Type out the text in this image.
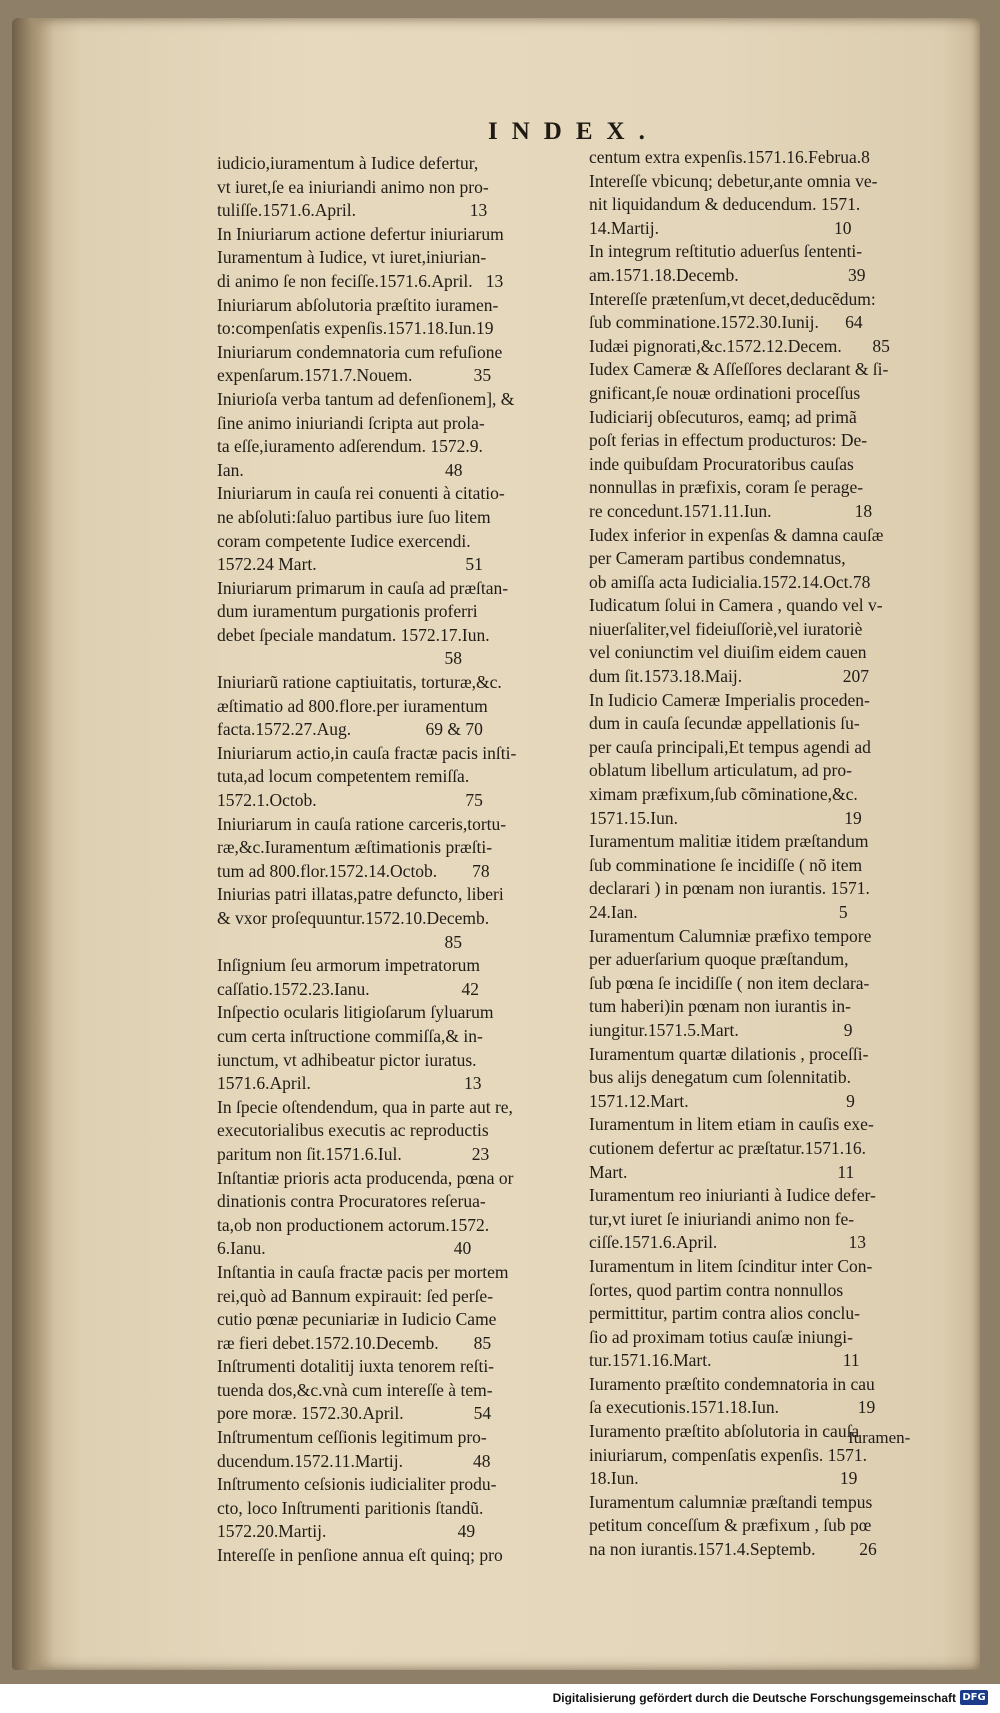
INDEX.
iudicio,iuramentum à Iudice defertur,
vt iuret,ſe ea iniuriandi animo non pro-
tuliſſe.1571.6.April.                          13
In Iniuriarum actione defertur iniuriarum
Iuramentum à Iudice, vt iuret,iniurian-
di animo ſe non feciſſe.1571.6.April.   13
Iniuriarum abſolutoria præſtito iuramen-
to:compenſatis expenſis.1571.18.Iun.19
Iniuriarum condemnatoria cum refuſione
expenſarum.1571.7.Nouem.              35
Iniurioſa verba tantum ad defenſionem], &
ſine animo iniuriandi ſcripta aut prola-
ta eſſe,iuramento adſerendum. 1572.9.
Ian.                                              48
Iniuriarum in cauſa rei conuenti à citatio-
ne abſoluti:ſaluo partibus iure ſuo litem
coram competente Iudice exercendi.
1572.24 Mart.                                  51
Iniuriarum primarum in cauſa ad præſtan-
dum iuramentum purgationis proferri
debet ſpeciale mandatum. 1572.17.Iun.
58
Iniuriarũ ratione captiuitatis, torturæ,&c.
æſtimatio ad 800.flore.per iuramentum
facta.1572.27.Aug.                 69 & 70
Iniuriarum actio,in cauſa fractæ pacis inſti-
tuta,ad locum competentem remiſſa.
1572.1.Octob.                                  75
Iniuriarum in cauſa ratione carceris,tortu-
ræ,&c.Iuramentum æſtimationis præſti-
tum ad 800.flor.1572.14.Octob.        78
Iniurias patri illatas,patre defuncto, liberi
& vxor proſequuntur.1572.10.Decemb.
85
Inſignium ſeu armorum impetratorum
caſſatio.1572.23.Ianu.                     42
Inſpectio ocularis litigioſarum ſyluarum
cum certa inſtructione commiſſa,& in-
iunctum, vt adhibeatur pictor iuratus.
1571.6.April.                                   13
In ſpecie oſtendendum, qua in parte aut re,
executorialibus executis ac reproductis
paritum non ſit.1571.6.Iul.                23
Inſtantiæ prioris acta producenda, pœna or
dinationis contra Procuratores reſerua-
ta,ob non productionem actorum.1572.
6.Ianu.                                           40
Inſtantia in cauſa fractæ pacis per mortem
rei,quò ad Bannum expirauit: ſed perſe-
cutio pœnæ pecuniariæ in Iudicio Came
ræ fieri debet.1572.10.Decemb.        85
Inſtrumenti dotalitij iuxta tenorem reſti-
tuenda dos,&c.vnà cum intereſſe à tem-
pore moræ. 1572.30.April.                54
Inſtrumentum ceſſionis legitimum pro-
ducendum.1572.11.Martij.                48
Inſtrumento ceſsionis iudicialiter produ-
cto, loco Inſtrumenti paritionis ſtandũ.
1572.20.Martij.                              49
Intereſſe in penſione annua eſt quinq; pro
centum extra expenſis.1571.16.Februa.8
Intereſſe vbicunq; debetur,ante omnia ve-
nit liquidandum & deducendum. 1571.
14.Martij.                                        10
In integrum reſtitutio aduerſus ſententi-
am.1571.18.Decemb.                         39
Intereſſe prætenſum,vt decet,deducẽdum:
ſub comminatione.1572.30.Iunij.      64
Iudæi pignorati,&c.1572.12.Decem.       85
Iudex Cameræ & Aſſeſſores declarant & ſi-
gnificant,ſe nouæ ordinationi proceſſus
Iudiciarij obſecuturos, eamq; ad primã
poſt ferias in effectum producturos: De-
inde quibuſdam Procuratoribus cauſas
nonnullas in præfixis, coram ſe perage-
re concedunt.1571.11.Iun.                   18
Iudex inferior in expenſas & damna cauſæ
per Cameram partibus condemnatus,
ob amiſſa acta Iudicialia.1572.14.Oct.78
Iudicatum ſolui in Camera , quando vel v-
niuerſaliter,vel fideiuſſoriè,vel iuratoriè
vel coniunctim vel diuiſim eidem cauen
dum ſit.1573.18.Maij.                       207
In Iudicio Cameræ Imperialis proceden-
dum in cauſa ſecundæ appellationis ſu-
per cauſa principali,Et tempus agendi ad
oblatum libellum articulatum, ad pro-
ximam præfixum,ſub cõminatione,&c.
1571.15.Iun.                                      19
Iuramentum malitiæ itidem præſtandum
ſub comminatione ſe incidiſſe ( nõ item
declarari ) in pœnam non iurantis. 1571.
24.Ian.                                              5
Iuramentum Calumniæ præfixo tempore
per aduerſarium quoque præſtandum,
ſub pœna ſe incidiſſe ( non item declara-
tum haberi)in pœnam non iurantis in-
iungitur.1571.5.Mart.                        9
Iuramentum quartæ dilationis , proceſſi-
bus alijs denegatum cum ſolennitatib.
1571.12.Mart.                                    9
Iuramentum in litem etiam in cauſis exe-
cutionem defertur ac præſtatur.1571.16.
Mart.                                                11
Iuramentum reo iniurianti à Iudice defer-
tur,vt iuret ſe iniuriandi animo non fe-
ciſſe.1571.6.April.                              13
Iuramentum in litem ſcinditur inter Con-
ſortes, quod partim contra nonnullos
permittitur, partim contra alios conclu-
ſio ad proximam totius cauſæ iniungi-
tur.1571.16.Mart.                              11
Iuramento præſtito condemnatoria in cau
ſa executionis.1571.18.Iun.                  19
Iuramento præſtito abſolutoria in cauſa
iniuriarum, compenſatis expenſis. 1571.
18.Iun.                                              19
Iuramentum calumniæ præſtandi tempus
petitum conceſſum & præfixum , ſub pœ
na non iurantis.1571.4.Septemb.          26
Iuramen-
Digitalisierung gefördert durch die Deutsche Forschungsgemeinschaft DFG
